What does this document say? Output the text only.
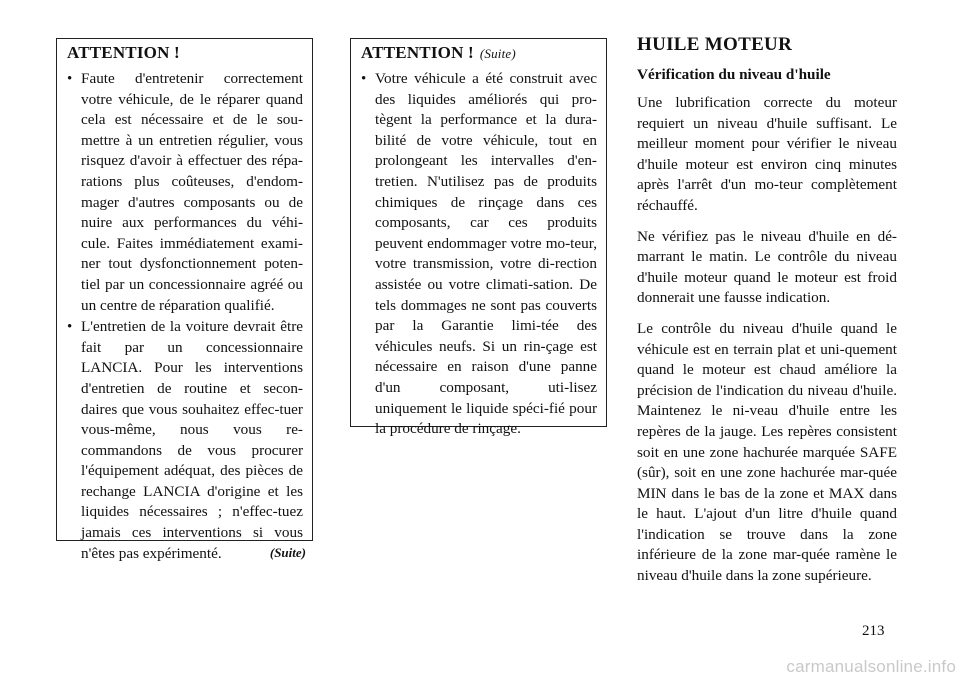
ATTENTION !
• Faute d'entretenir correctement votre véhicule, de le réparer quand cela est nécessaire et de le sou-mettre à un entretien régulier, vous risquez d'avoir à effectuer des répa-rations plus coûteuses, d'endom-mager d'autres composants ou de nuire aux performances du véhi-cule. Faites immédiatement exami-ner tout dysfonctionnement poten-tiel par un concessionnaire agréé ou un centre de réparation qualifié.
• L'entretien de la voiture devrait être fait par un concessionnaire LANCIA. Pour les interventions d'entretien de routine et secon-daires que vous souhaitez effec-tuer vous-même, nous vous re-commandons de vous procurer l'équipement adéquat, des pièces de rechange LANCIA d'origine et les liquides nécessaires ; n'effec-tuez jamais ces interventions si vous n'êtes pas expérimenté.	(Suite)
ATTENTION ! (Suite)
• Votre véhicule a été construit avec des liquides améliorés qui pro-tègent la performance et la dura-bilité de votre véhicule, tout en prolongeant les intervalles d'en-tretien. N'utilisez pas de produits chimiques de rinçage dans ces composants, car ces produits peuvent endommager votre mo-teur, votre transmission, votre di-rection assistée ou votre climati-sation. De tels dommages ne sont pas couverts par la Garantie limi-tée des véhicules neufs. Si un rin-çage est nécessaire en raison d'une panne d'un composant, uti-lisez uniquement le liquide spéci-fié pour la procédure de rinçage.
HUILE MOTEUR
Vérification du niveau d'huile

Une lubrification correcte du moteur requiert un niveau d'huile suffisant. Le meilleur moment pour vérifier le niveau d'huile moteur est environ cinq minutes après l'arrêt d'un mo-teur complètement réchauffé.

Ne vérifiez pas le niveau d'huile en dé-marrant le matin. Le contrôle du niveau d'huile moteur quand le moteur est froid donnerait une fausse indication.

Le contrôle du niveau d'huile quand le véhicule est en terrain plat et uni-quement quand le moteur est chaud améliore la précision de l'indication du niveau d'huile. Maintenez le ni-veau d'huile entre les repères de la jauge. Les repères consistent soit en une zone hachurée marquée SAFE (sûr), soit en une zone hachurée mar-quée MIN dans le bas de la zone et MAX dans le haut. L'ajout d'un litre d'huile quand l'indication se trouve dans la zone inférieure de la zone mar-quée ramène le niveau d'huile dans la zone supérieure.

213
carmanualsonline.info
